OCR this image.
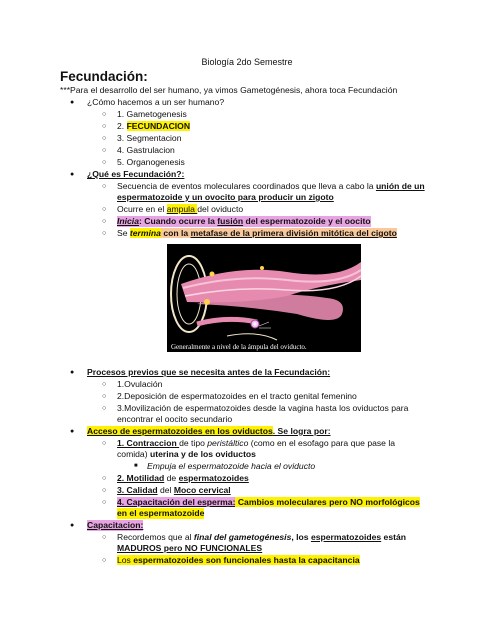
Biología 2do Semestre
Fecundación:
***Para el desarrollo del ser humano, ya vimos Gametogénesis, ahora toca Fecundación
● ¿Cómo hacemos a un ser humano?
○ 1. Gametogenesis
○ 2. FECUNDACION
○ 3. Segmentacion
○ 4. Gastrulacion
○ 5. Organogenesis
● ¿Qué es Fecundación?:
○ Secuencia de eventos moleculares coordinados que lleva a cabo la unión de un
espermatozoide y un ovocito para producir un zigoto
○ Ocurre en el ampula del oviducto
○ Inicia: Cuando ocurre la fusión del espermatozoide y el oocito
○ Se termina con la metafase de la primera división mitótica del cigoto
Generalmente a nivel de la ámpula del oviducto.
● Procesos previos que se necesita antes de la Fecundación:
○ 1.Ovulación
○ 2.Deposición de espermatozoides en el tracto genital femenino
○ 3.Movilización de espermatozoides desde la vagina hasta los oviductos para
encontrar el oocito secundario
● Acceso de espermatozoides en los oviductos. Se logra por:
○ 1. Contraccion de tipo peristáltico (como en el esofago para que pase la
comida) uterina y de los oviductos
■ Empuja el espermatozoide hacia el oviducto
○ 2. Motilidad de espermatozoides
○ 3. Calidad del Moco cervical
○ 4. Capacitación del esperma: Cambios moleculares pero NO morfológicos
en el espermatozoide
● Capacitacion:
○ Recordemos que al final del gametogénesis, los espermatozoides están
MADUROS pero NO FUNCIONALES
○ Los espermatozoides son funcionales hasta la capacitancia
